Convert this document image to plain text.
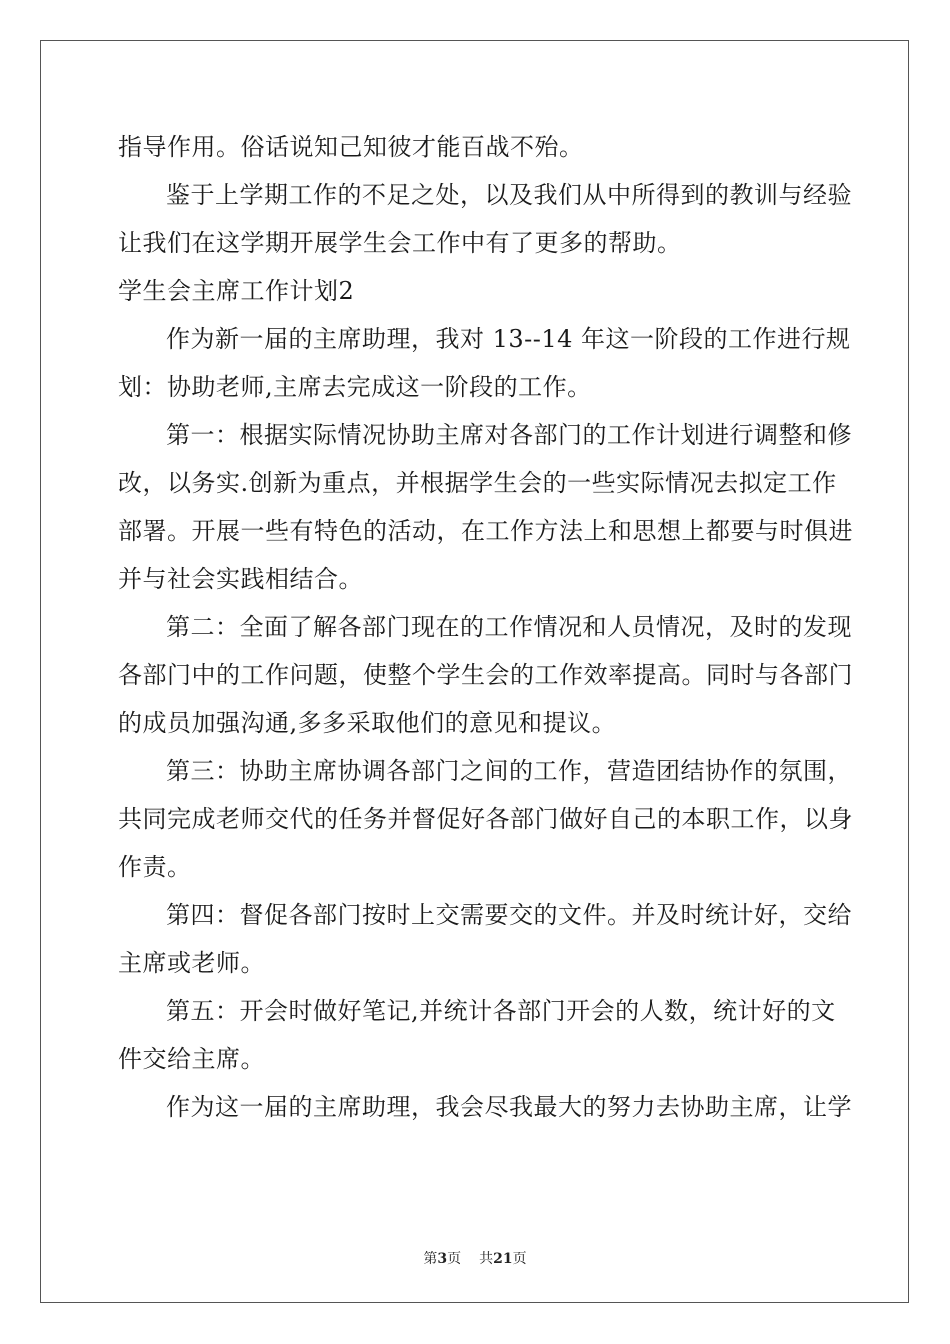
指导作用。俗话说知己知彼才能百战不殆。
鉴于上学期工作的不足之处，以及我们从中所得到的教训与经验
让我们在这学期开展学生会工作中有了更多的帮助。
学生会主席工作计划2
作为新一届的主席助理，我对 13--14 年这一阶段的工作进行规
划：协助老师,主席去完成这一阶段的工作。
第一：根据实际情况协助主席对各部门的工作计划进行调整和修
改，以务实.创新为重点，并根据学生会的一些实际情况去拟定工作
部署。开展一些有特色的活动，在工作方法上和思想上都要与时俱进
并与社会实践相结合。
第二：全面了解各部门现在的工作情况和人员情况，及时的发现
各部门中的工作问题，使整个学生会的工作效率提高。同时与各部门
的成员加强沟通,多多采取他们的意见和提议。
第三：协助主席协调各部门之间的工作，营造团结协作的氛围，
共同完成老师交代的任务并督促好各部门做好自己的本职工作，以身
作责。
第四：督促各部门按时上交需要交的文件。并及时统计好，交给
主席或老师。
第五：开会时做好笔记,并统计各部门开会的人数，统计好的文
件交给主席。
作为这一届的主席助理，我会尽我最大的努力去协助主席，让学
第3页 共21页
